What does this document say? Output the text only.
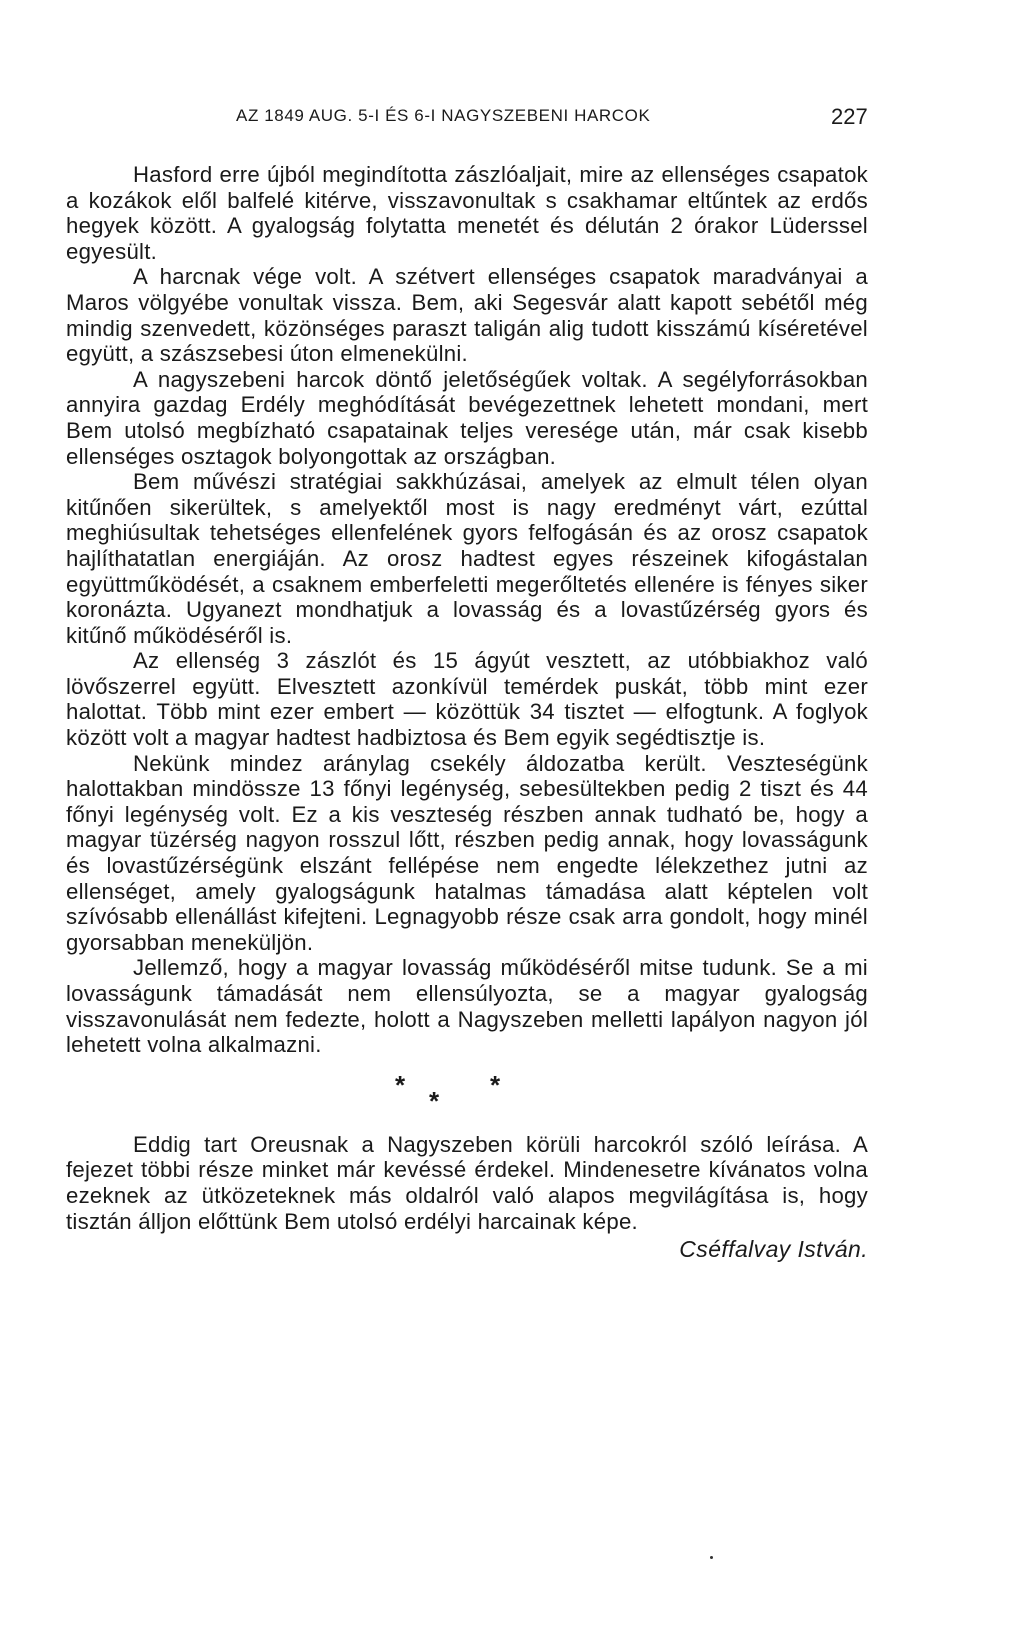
AZ 1849 AUG. 5-I ÉS 6-I NAGYSZEBENI HARCOK	227

Hasford erre újból megindította zászlóaljait, mire az ellenséges csapatok a kozákok elől balfelé kitérve, visszavonultak s csakhamar eltűntek az erdős hegyek között. A gyalogság folytatta menetét és délután 2 órakor Lüderssel egyesült.

A harcnak vége volt. A szétvert ellenséges csapatok maradványai a Maros völgyébe vonultak vissza. Bem, aki Segesvár alatt kapott sebétől még mindig szenvedett, közönséges paraszt taligán alig tudott kisszámú kíséretével együtt, a szászsebesi úton elmenekülni.

A nagyszebeni harcok döntő jeletőségűek voltak. A segélyforrásokban annyira gazdag Erdély meghódítását bevégezettnek lehetett mondani, mert Bem utolsó megbízható csapatainak teljes veresége után, már csak kisebb ellenséges osztagok bolyongottak az országban.

Bem művészi stratégiai sakkhúzásai, amelyek az elmult télen olyan kitűnően sikerültek, s amelyektől most is nagy eredményt várt, ezúttal meghiúsultak tehetséges ellenfelének gyors felfogásán és az orosz csapatok hajlíthatatlan energiáján. Az orosz hadtest egyes részeinek kifogástalan együttműködését, a csaknem emberfeletti megerőltetés ellenére is fényes siker koronázta. Ugyanezt mondhatjuk a lovasság és a lovastűzérség gyors és kitűnő működéséről is.

Az ellenség 3 zászlót és 15 ágyút vesztett, az utóbbiakhoz való lövőszerrel együtt. Elvesztett azonkívül temérdek puskát, több mint ezer halottat. Több mint ezer embert — közöttük 34 tisztet — elfogtunk. A foglyok között volt a magyar hadtest hadbiztosa és Bem egyik segédtisztje is.

Nekünk mindez aránylag csekély áldozatba került. Veszteségünk halottakban mindössze 13 főnyi legénység, sebesültekben pedig 2 tiszt és 44 főnyi legénység volt. Ez a kis veszteség részben annak tudható be, hogy a magyar tüzérség nagyon rosszul lőtt, részben pedig annak, hogy lovasságunk és lovastűzérségünk elszánt fellépése nem engedte lélekzethez jutni az ellenséget, amely gyalogságunk hatalmas támadása alatt képtelen volt szívósabb ellenállást kifejteni. Legnagyobb része csak arra gondolt, hogy minél gyorsabban meneküljön.

Jellemző, hogy a magyar lovasság működéséről mitse tudunk. Se a mi lovasságunk támadását nem ellensúlyozta, se a magyar gyalogság visszavonulását nem fedezte, holott a Nagyszeben melletti lapályon nagyon jól lehetett volna alkalmazni.

*
*
*

Eddig tart Oreusnak a Nagyszeben körüli harcokról szóló leírása. A fejezet többi része minket már kevéssé érdekel. Mindenesetre kívánatos volna ezeknek az ütközeteknek más oldalról való alapos megvilágítása is, hogy tisztán álljon előttünk Bem utolsó erdélyi harcainak képe.

Cséffalvay István.
